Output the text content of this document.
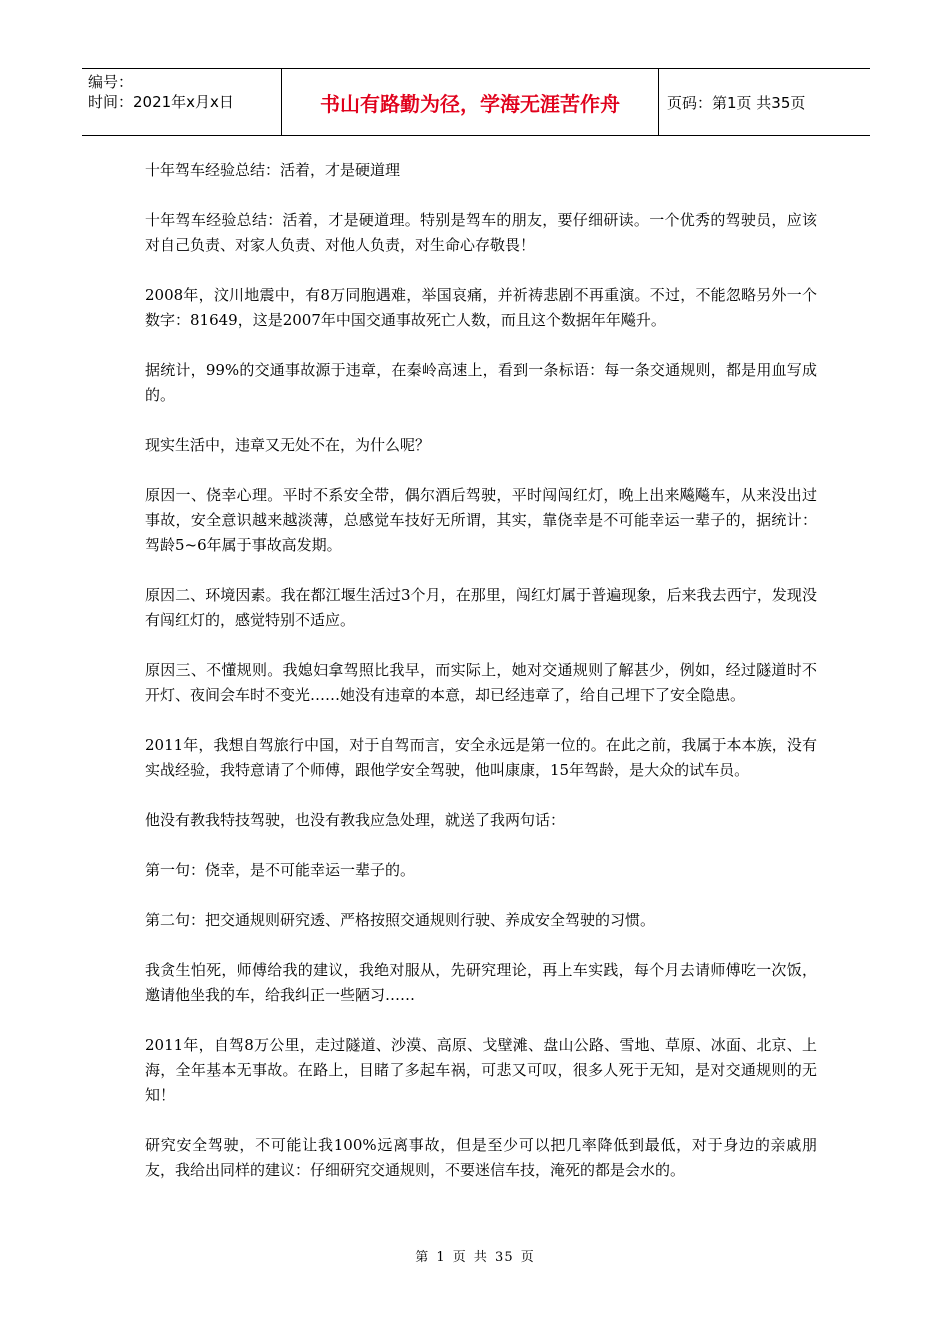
编号：
时间：2021年x月x日	书山有路勤为径，学海无涯苦作舟	页码：第1页 共35页

十年驾车经验总结：活着，才是硬道理

十年驾车经验总结：活着，才是硬道理。特别是驾车的朋友，要仔细研读。一个优秀的驾驶员，应该对自己负责、对家人负责、对他人负责，对生命心存敬畏！

2008年，汶川地震中，有8万同胞遇难，举国哀痛，并祈祷悲剧不再重演。不过，不能忽略另外一个数字：81649，这是2007年中国交通事故死亡人数，而且这个数据年年飚升。

据统计，99%的交通事故源于违章，在秦岭高速上，看到一条标语：每一条交通规则，都是用血写成的。

现实生活中，违章又无处不在，为什么呢？

原因一、侥幸心理。平时不系安全带，偶尔酒后驾驶，平时闯闯红灯，晚上出来飚飚车，从来没出过事故，安全意识越来越淡薄，总感觉车技好无所谓，其实，靠侥幸是不可能幸运一辈子的，据统计：驾龄5~6年属于事故高发期。

原因二、环境因素。我在都江堰生活过3个月，在那里，闯红灯属于普遍现象，后来我去西宁，发现没有闯红灯的，感觉特别不适应。

原因三、不懂规则。我媳妇拿驾照比我早，而实际上，她对交通规则了解甚少，例如，经过隧道时不开灯、夜间会车时不变光……她没有违章的本意，却已经违章了，给自己埋下了安全隐患。

2011年，我想自驾旅行中国，对于自驾而言，安全永远是第一位的。在此之前，我属于本本族，没有实战经验，我特意请了个师傅，跟他学安全驾驶，他叫康康，15年驾龄，是大众的试车员。

他没有教我特技驾驶，也没有教我应急处理，就送了我两句话：

第一句：侥幸，是不可能幸运一辈子的。

第二句：把交通规则研究透、严格按照交通规则行驶、养成安全驾驶的习惯。

我贪生怕死，师傅给我的建议，我绝对服从，先研究理论，再上车实践，每个月去请师傅吃一次饭，邀请他坐我的车，给我纠正一些陋习……

2011年，自驾8万公里，走过隧道、沙漠、高原、戈壁滩、盘山公路、雪地、草原、冰面、北京、上海，全年基本无事故。在路上，目睹了多起车祸，可悲又可叹，很多人死于无知，是对交通规则的无知！

研究安全驾驶，不可能让我100%远离事故，但是至少可以把几率降低到最低，对于身边的亲戚朋友，我给出同样的建议：仔细研究交通规则，不要迷信车技，淹死的都是会水的。

第 1 页 共 35 页
